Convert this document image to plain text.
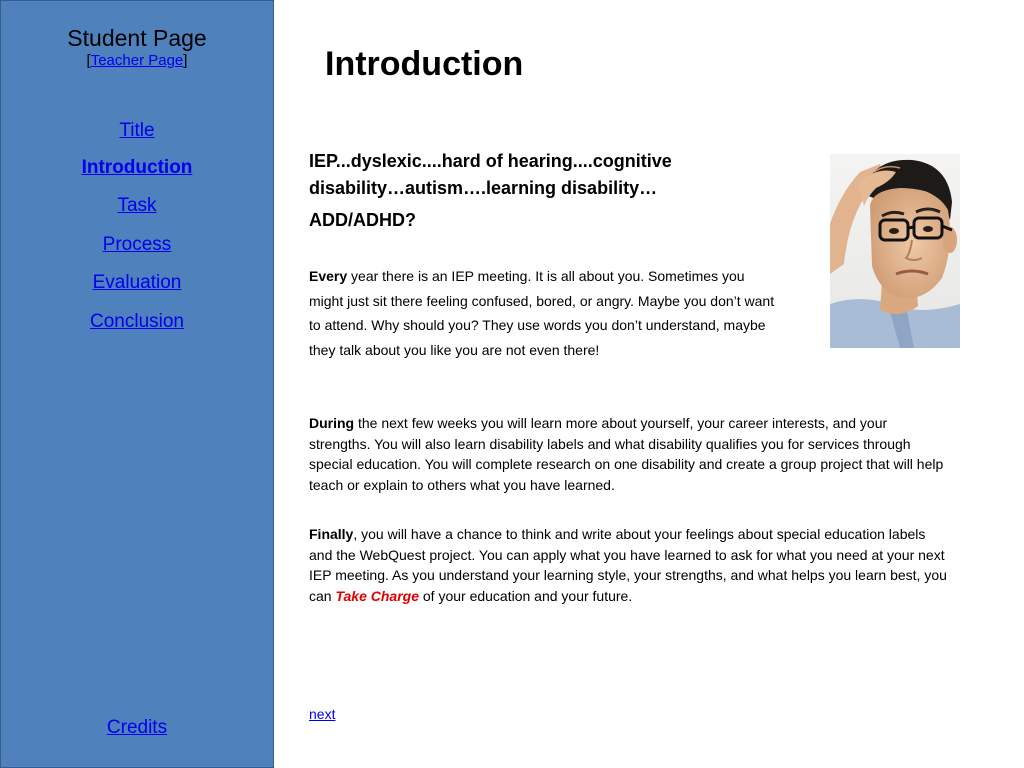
Student Page
[Teacher Page]
Title
Introduction
Task
Process
Evaluation
Conclusion
Credits
Introduction
IEP...dyslexic....hard of hearing....cognitive disability…autism….learning disability…
ADD/ADHD?
Every year there is an IEP meeting. It is all about you. Sometimes you might just sit there feeling confused, bored, or angry. Maybe you don’t want to attend. Why should you? They use words you don’t understand, maybe they talk about you like you are not even there!
During the next few weeks you will learn more about yourself, your career interests, and your strengths. You will also learn disability labels and what disability qualifies you for services through special education. You will complete research on one disability and create a group project that will help teach or explain to others what you have learned.
Finally, you will have a chance to think and write about your feelings about special education labels and the WebQuest project. You can apply what you have learned to ask for what you need at your next IEP meeting. As you understand your learning style, your strengths, and what helps you learn best, you can Take Charge of your education and your future.
next
